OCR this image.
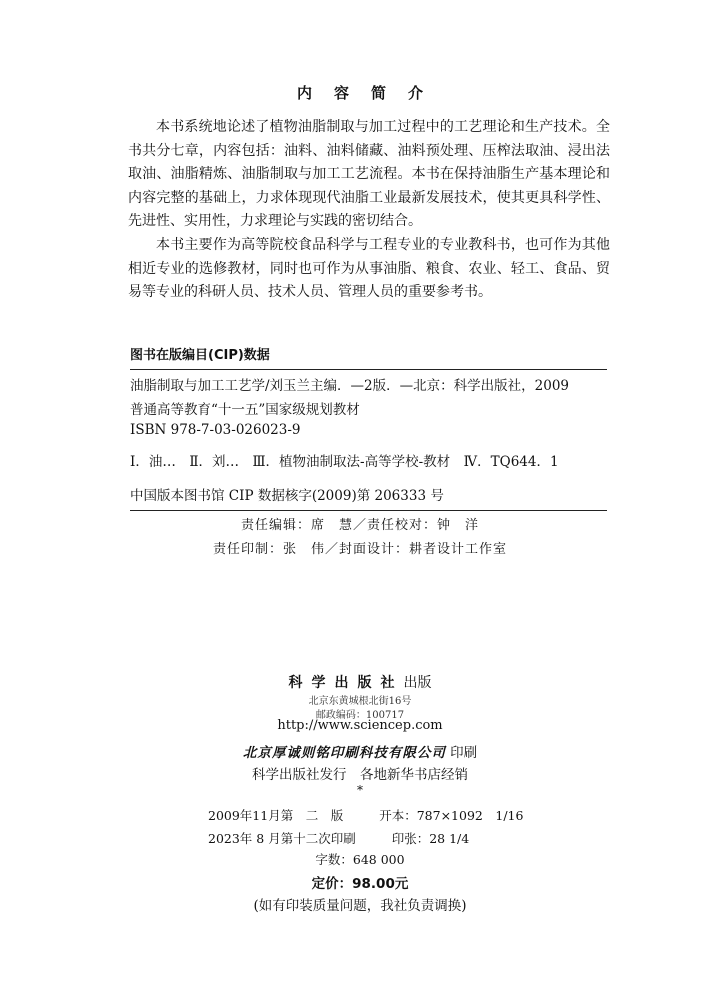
内容简介

本书系统地论述了植物油脂制取与加工过程中的工艺理论和生产技术。全书共分七章，内容包括：油料、油料储藏、油料预处理、压榨法取油、浸出法取油、油脂精炼、油脂制取与加工工艺流程。本书在保持油脂生产基本理论和内容完整的基础上，力求体现现代油脂工业最新发展技术，使其更具科学性、先进性、实用性，力求理论与实践的密切结合。

本书主要作为高等院校食品科学与工程专业的专业教科书，也可作为其他相近专业的选修教材，同时也可作为从事油脂、粮食、农业、轻工、食品、贸易等专业的科研人员、技术人员、管理人员的重要参考书。

图书在版编目(CIP)数据
油脂制取与加工工艺学/刘玉兰主编．—2版．—北京：科学出版社，2009
普通高等教育“十一五”国家级规划教材
ISBN 978-7-03-026023-9
Ⅰ．油…　Ⅱ．刘…　Ⅲ．植物油制取法-高等学校-教材　Ⅳ．TQ644．1
中国版本图书馆 CIP 数据核字(2009)第 206333 号
责任编辑：席　慧／责任校对：钟　洋
责任印制：张　伟／封面设计：耕者设计工作室
科学出版社出版
北京东黄城根北街16号
邮政编码：100717
http://www.sciencep.com
北京厚诚则铭印刷科技有限公司 印刷
科学出版社发行　各地新华书店经销
*
2009年11月第　二　版	开本：787×1092　1/16
2023年 8 月第十二次印刷	印张：28 1/4
字数：648 000
定价：98.00元
(如有印装质量问题，我社负责调换)
